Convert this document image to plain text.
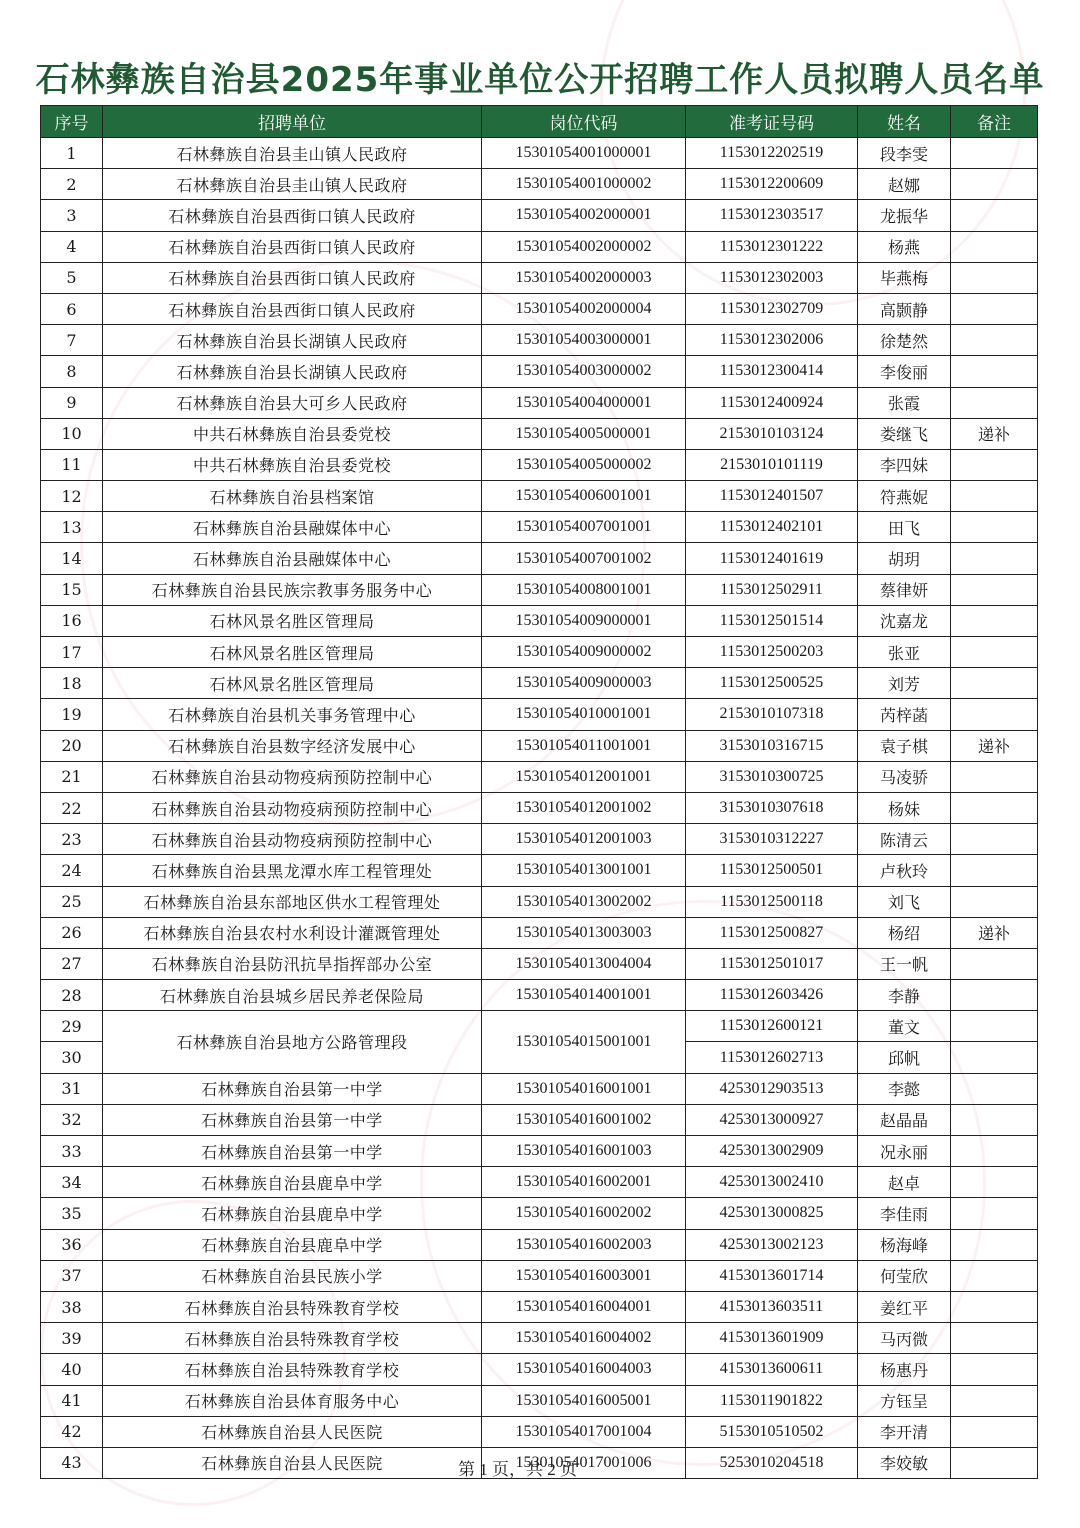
石林彝族自治县2025年事业单位公开招聘工作人员拟聘人员名单
序号	招聘单位	岗位代码	准考证号码	姓名	备注
1	石林彝族自治县圭山镇人民政府	15301054001000001	1153012202519	段李雯	
2	石林彝族自治县圭山镇人民政府	15301054001000002	1153012200609	赵娜	
3	石林彝族自治县西街口镇人民政府	15301054002000001	1153012303517	龙振华	
4	石林彝族自治县西街口镇人民政府	15301054002000002	1153012301222	杨燕	
5	石林彝族自治县西街口镇人民政府	15301054002000003	1153012302003	毕燕梅	
6	石林彝族自治县西街口镇人民政府	15301054002000004	1153012302709	高颢静	
7	石林彝族自治县长湖镇人民政府	15301054003000001	1153012302006	徐楚然	
8	石林彝族自治县长湖镇人民政府	15301054003000002	1153012300414	李俊丽	
9	石林彝族自治县大可乡人民政府	15301054004000001	1153012400924	张霞	
10	中共石林彝族自治县委党校	15301054005000001	2153010103124	娄继飞	递补
11	中共石林彝族自治县委党校	15301054005000002	2153010101119	李四妹	
12	石林彝族自治县档案馆	15301054006001001	1153012401507	符燕妮	
13	石林彝族自治县融媒体中心	15301054007001001	1153012402101	田飞	
14	石林彝族自治县融媒体中心	15301054007001002	1153012401619	胡玥	
15	石林彝族自治县民族宗教事务服务中心	15301054008001001	1153012502911	蔡律妍	
16	石林风景名胜区管理局	15301054009000001	1153012501514	沈嘉龙	
17	石林风景名胜区管理局	15301054009000002	1153012500203	张亚	
18	石林风景名胜区管理局	15301054009000003	1153012500525	刘芳	
19	石林彝族自治县机关事务管理中心	15301054010001001	2153010107318	芮梓菡	
20	石林彝族自治县数字经济发展中心	15301054011001001	3153010316715	袁子棋	递补
21	石林彝族自治县动物疫病预防控制中心	15301054012001001	3153010300725	马凌骄	
22	石林彝族自治县动物疫病预防控制中心	15301054012001002	3153010307618	杨妹	
23	石林彝族自治县动物疫病预防控制中心	15301054012001003	3153010312227	陈清云	
24	石林彝族自治县黑龙潭水库工程管理处	15301054013001001	1153012500501	卢秋玲	
25	石林彝族自治县东部地区供水工程管理处	15301054013002002	1153012500118	刘飞	
26	石林彝族自治县农村水利设计灌溉管理处	15301054013003003	1153012500827	杨绍	递补
27	石林彝族自治县防汛抗旱指挥部办公室	15301054013004004	1153012501017	王一帆	
28	石林彝族自治县城乡居民养老保险局	15301054014001001	1153012603426	李静	
29	石林彝族自治县地方公路管理段	15301054015001001	1153012600121	董文	
30			1153012602713	邱帆	
31	石林彝族自治县第一中学	15301054016001001	4253012903513	李懿	
32	石林彝族自治县第一中学	15301054016001002	4253013000927	赵晶晶	
33	石林彝族自治县第一中学	15301054016001003	4253013002909	况永丽	
34	石林彝族自治县鹿阜中学	15301054016002001	4253013002410	赵卓	
35	石林彝族自治县鹿阜中学	15301054016002002	4253013000825	李佳雨	
36	石林彝族自治县鹿阜中学	15301054016002003	4253013002123	杨海峰	
37	石林彝族自治县民族小学	15301054016003001	4153013601714	何莹欣	
38	石林彝族自治县特殊教育学校	15301054016004001	4153013603511	姜红平	
39	石林彝族自治县特殊教育学校	15301054016004002	4153013601909	马丙微	
40	石林彝族自治县特殊教育学校	15301054016004003	4153013600611	杨惠丹	
41	石林彝族自治县体育服务中心	15301054016005001	1153011901822	方钰呈	
42	石林彝族自治县人民医院	15301054017001004	5153010510502	李开清	
43	石林彝族自治县人民医院	15301054017001006	5253010204518	李姣敏	
第 1 页，共 2 页
